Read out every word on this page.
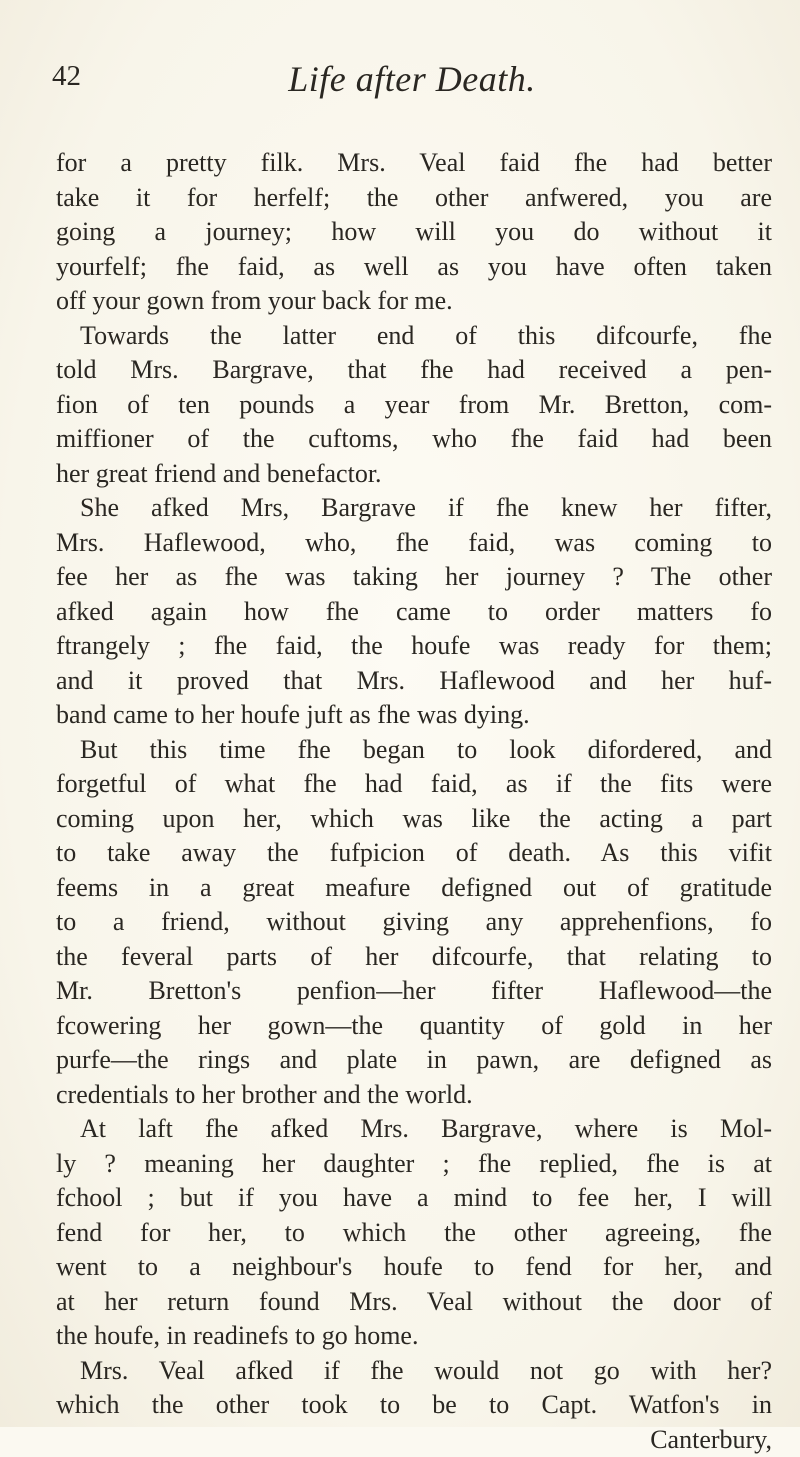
42	Life after Death.
for a pretty filk. Mrs. Veal faid fhe had better
take it for herfelf; the other anfwered, you are
going a journey; how will you do without it
yourfelf; fhe faid, as well as you have often taken
off your gown from your back for me.
Towards the latter end of this difcourfe, fhe
told Mrs. Bargrave, that fhe had received a pen-
fion of ten pounds a year from Mr. Bretton, com-
miffioner of the cuftoms, who fhe faid had been
her great friend and benefactor.
She afked Mrs, Bargrave if fhe knew her fifter,
Mrs. Haflewood, who, fhe faid, was coming to
fee her as fhe was taking her journey ? The other
afked again how fhe came to order matters fo
ftrangely ; fhe faid, the houfe was ready for them;
and it proved that Mrs. Haflewood and her huf-
band came to her houfe juft as fhe was dying.
But this time fhe began to look difordered, and
forgetful of what fhe had faid, as if the fits were
coming upon her, which was like the acting a part
to take away the fufpicion of death. As this vifit
feems in a great meafure defigned out of gratitude
to a friend, without giving any apprehenfions, fo
the feveral parts of her difcourfe, that relating to
Mr. Bretton's penfion—her fifter Haflewood—the
fcowering her gown—the quantity of gold in her
purfe—the rings and plate in pawn, are defigned as
credentials to her brother and the world.
At laft fhe afked Mrs. Bargrave, where is Mol-
ly ? meaning her daughter ; fhe replied, fhe is at
fchool ; but if you have a mind to fee her, I will
fend for her, to which the other agreeing, fhe
went to a neighbour's houfe to fend for her, and
at her return found Mrs. Veal without the door of
the houfe, in readinefs to go home.
Mrs. Veal afked if fhe would not go with her?
which the other took to be to Capt. Watfon's in
Canterbury,
